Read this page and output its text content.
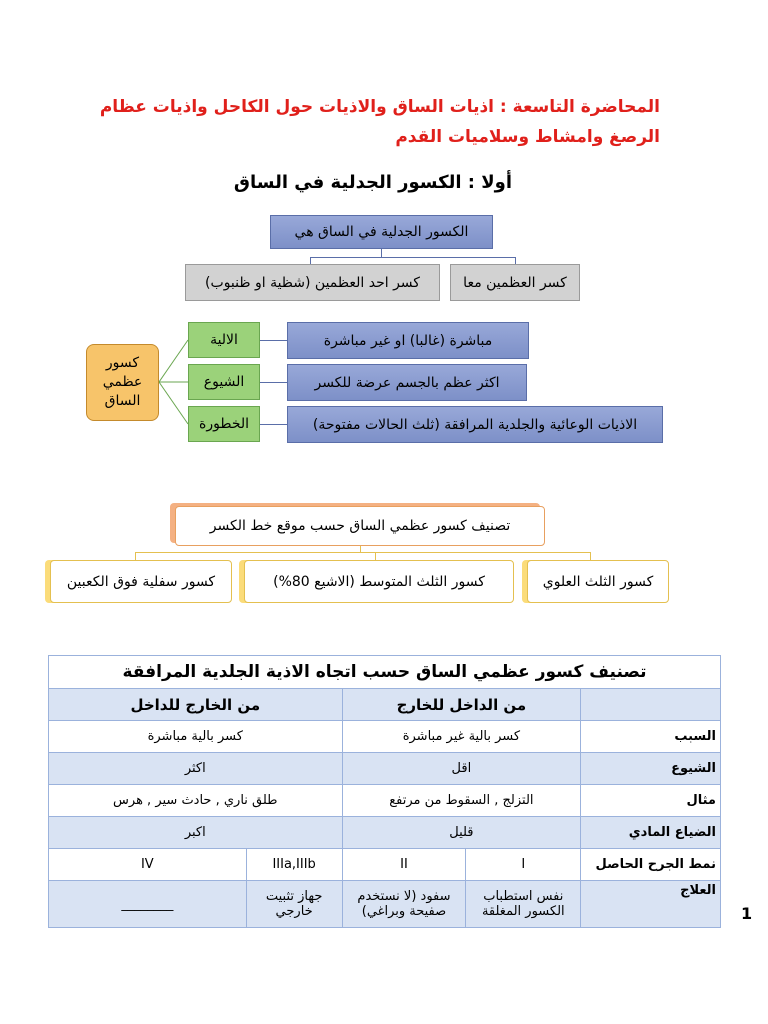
المحاضرة التاسعة : اذيات الساق والاذيات حول الكاحل واذيات عظام
الرصغ وامشاط وسلاميات القدم
أولا : الكسور الجدلية في الساق
الكسور الجدلية في الساق هي
كسر العظمين معا
كسر احد العظمين (شظية او ظنبوب)
كسور عظمي الساق
الالية
الشيوع
الخطورة
مباشرة (غالبا) او غير مباشرة
اكثر عظم بالجسم عرضة للكسر
الاذيات الوعائية والجلدية المرافقة (ثلث الحالات مفتوحة)
تصنيف كسور عظمي الساق حسب موقع خط الكسر
كسور الثلث العلوي
كسور الثلث المتوسط (الاشيع 80%)
كسور سفلية فوق الكعبين
تصنيف كسور عظمي الساق حسب اتجاه الاذية الجلدية المرافقة				
	من الداخل للخارج		من الخارج للداخل	
السبب	كسر بالية غير مباشرة		كسر بالية مباشرة	
الشيوع	اقل		اكثر	
مثال	التزلج , السقوط من مرتفع		طلق ناري , حادث سير , هرس	
الضياع المادي	قليل		اكبر	
نمط الجرح الحاصل	I	II	IIIa,IIIb	IV
العلاج	نفس استطباب الكسور المغلقة	سفود (لا نستخدم صفيحة وبراغي)	جهاز تثبيت خارجي	________	1
